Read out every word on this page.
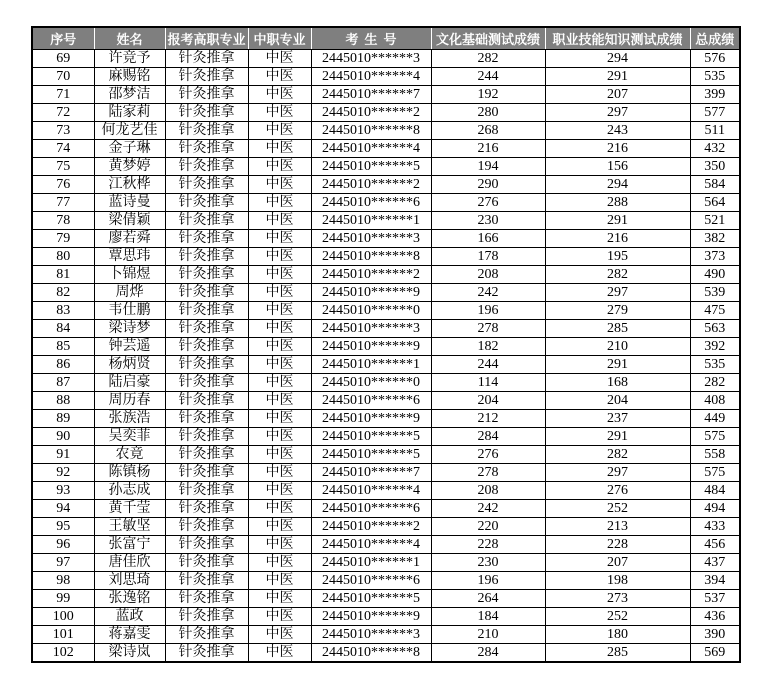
序号	姓名	报考高职专业	中职专业	考生号	文化基础测试成绩	职业技能知识测试成绩	总成绩
69	许竞予	针灸推拿	中医	2445010******3	282	294	576
70	麻赐铭	针灸推拿	中医	2445010******4	244	291	535
71	邵梦洁	针灸推拿	中医	2445010******7	192	207	399
72	陆家莉	针灸推拿	中医	2445010******2	280	297	577
73	何龙艺佳	针灸推拿	中医	2445010******8	268	243	511
74	金子琳	针灸推拿	中医	2445010******4	216	216	432
75	黄梦婷	针灸推拿	中医	2445010******5	194	156	350
76	江秋桦	针灸推拿	中医	2445010******2	290	294	584
77	蓝诗曼	针灸推拿	中医	2445010******6	276	288	564
78	梁倩颖	针灸推拿	中医	2445010******1	230	291	521
79	廖若舜	针灸推拿	中医	2445010******3	166	216	382
80	覃思玮	针灸推拿	中医	2445010******8	178	195	373
81	卜锦煜	针灸推拿	中医	2445010******2	208	282	490
82	周烨	针灸推拿	中医	2445010******9	242	297	539
83	韦仕鹏	针灸推拿	中医	2445010******0	196	279	475
84	梁诗梦	针灸推拿	中医	2445010******3	278	285	563
85	钟芸遥	针灸推拿	中医	2445010******9	182	210	392
86	杨炳贤	针灸推拿	中医	2445010******1	244	291	535
87	陆启豪	针灸推拿	中医	2445010******0	114	168	282
88	周历春	针灸推拿	中医	2445010******6	204	204	408
89	张族浩	针灸推拿	中医	2445010******9	212	237	449
90	吴奕菲	针灸推拿	中医	2445010******5	284	291	575
91	农竟	针灸推拿	中医	2445010******5	276	282	558
92	陈镇杨	针灸推拿	中医	2445010******7	278	297	575
93	孙志成	针灸推拿	中医	2445010******4	208	276	484
94	黄千莹	针灸推拿	中医	2445010******6	242	252	494
95	王敏坚	针灸推拿	中医	2445010******2	220	213	433
96	张富宁	针灸推拿	中医	2445010******4	228	228	456
97	唐佳欣	针灸推拿	中医	2445010******1	230	207	437
98	刘思琦	针灸推拿	中医	2445010******6	196	198	394
99	张逸铭	针灸推拿	中医	2445010******5	264	273	537
100	蓝政	针灸推拿	中医	2445010******9	184	252	436
101	蒋嘉雯	针灸推拿	中医	2445010******3	210	180	390
102	梁诗岚	针灸推拿	中医	2445010******8	284	285	569
